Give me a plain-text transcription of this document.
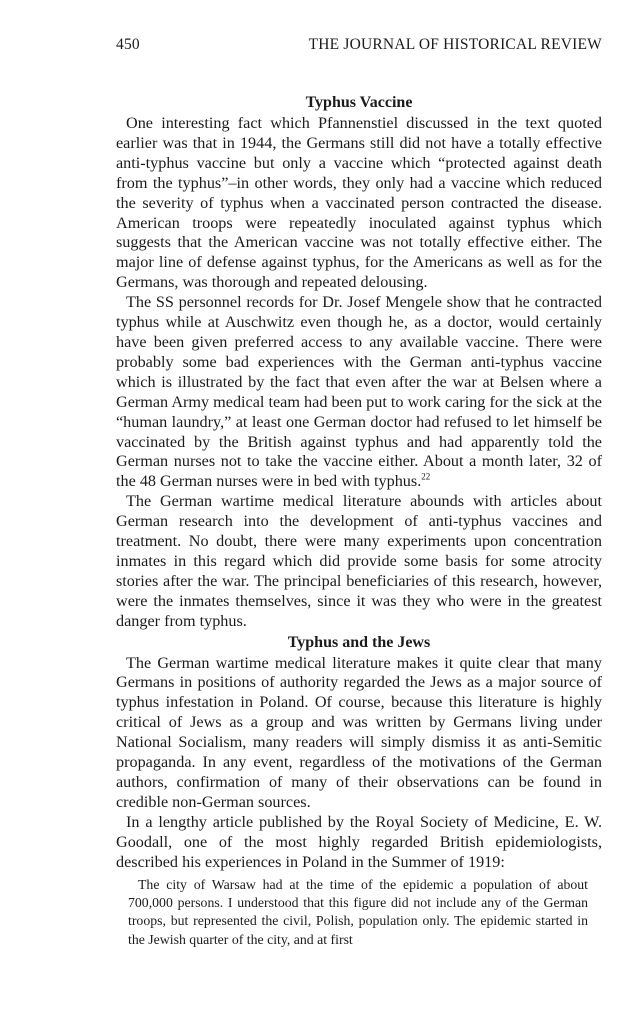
450	THE JOURNAL OF HISTORICAL REVIEW
Typhus Vaccine

One interesting fact which Pfannenstiel discussed in the text quoted earlier was that in 1944, the Germans still did not have a totally effective anti-typhus vaccine but only a vaccine which “protected against death from the typhus”–in other words, they only had a vaccine which reduced the severity of typhus when a vaccinated person contracted the disease. American troops were repeatedly inoculated against typhus which suggests that the American vaccine was not totally effective either. The major line of defense against typhus, for the Americans as well as for the Germans, was thorough and repeated delousing.

The SS personnel records for Dr. Josef Mengele show that he contracted typhus while at Auschwitz even though he, as a doctor, would certainly have been given preferred access to any available vaccine. There were probably some bad experiences with the German anti-typhus vaccine which is illustrated by the fact that even after the war at Belsen where a German Army medical team had been put to work caring for the sick at the “human laundry,” at least one German doctor had refused to let himself be vaccinated by the British against typhus and had apparently told the German nurses not to take the vaccine either. About a month later, 32 of the 48 German nurses were in bed with typhus.$^{22}$

The German wartime medical literature abounds with articles about German research into the development of anti-typhus vaccines and treatment. No doubt, there were many experiments upon concentration inmates in this regard which did provide some basis for some atrocity stories after the war. The principal beneficiaries of this research, however, were the inmates themselves, since it was they who were in the greatest danger from typhus.

Typhus and the Jews

The German wartime medical literature makes it quite clear that many Germans in positions of authority regarded the Jews as a major source of typhus infestation in Poland. Of course, because this literature is highly critical of Jews as a group and was written by Germans living under National Socialism, many readers will simply dismiss it as anti-Semitic propaganda. In any event, regardless of the motivations of the German authors, confirmation of many of their observations can be found in credible non-German sources.

In a lengthy article published by the Royal Society of Medicine, E. W. Goodall, one of the most highly regarded British epidemiologists, described his experiences in Poland in the Summer of 1919:

The city of Warsaw had at the time of the epidemic a population of about 700,000 persons. I understood that this figure did not include any of the German troops, but represented the civil, Polish, population only. The epidemic started in the Jewish quarter of the city, and at first
